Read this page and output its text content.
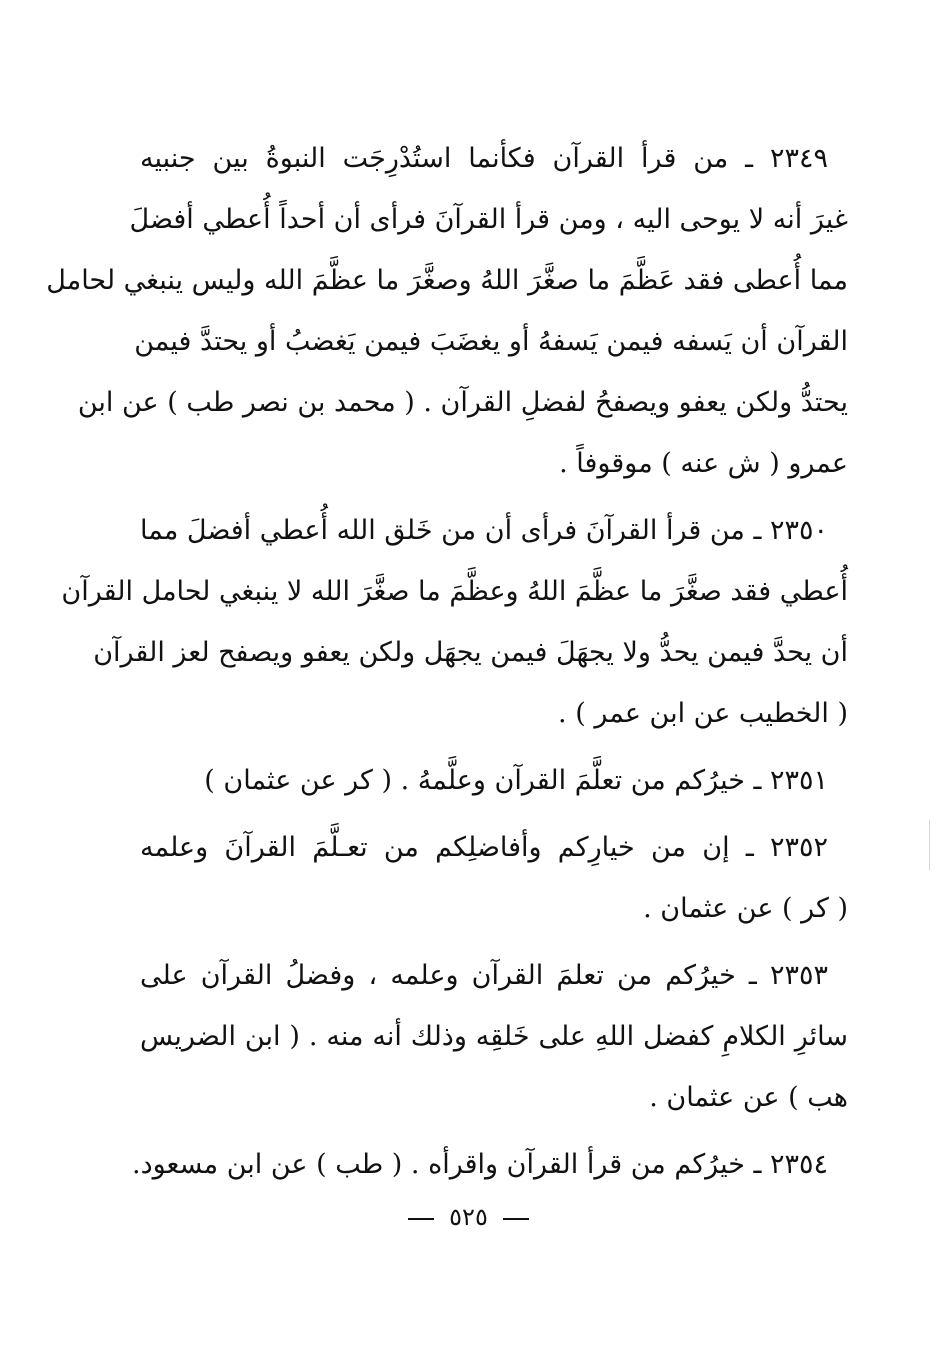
٢٣٤٩ ـ من قرأ القرآن فكأنما استُدْرِجَت النبوةُ بين جنبيه
غيرَ أنه لا يوحى اليه ، ومن قرأ القرآنَ فرأى أن أحداً أُعطي أفضلَ
مما أُعطى فقد عَظَّمَ ما صغَّرَ اللهُ وصغَّرَ ما عظَّمَ الله وليس ينبغي لحامل
القرآن أن يَسفه فيمن يَسفهُ أو يغضَبَ فيمن يَغضبُ أو يحتدَّ فيمن
يحتدُّ ولكن يعفو ويصفحُ لفضلِ القرآن . ( محمد بن نصر طب ) عن ابن
عمرو ( ش عنه ) موقوفاً .

٢٣٥٠ ـ من قرأ القرآنَ فرأى أن من خَلق الله أُعطي أفضلَ مما
أُعطي فقد صغَّرَ ما عظَّمَ اللهُ وعظَّمَ ما صغَّرَ الله لا ينبغي لحامل القرآن
أن يحدَّ فيمن يحدُّ ولا يجهَلَ فيمن يجهَل ولكن يعفو ويصفح لعز القرآن
( الخطيب عن ابن عمر ) .

٢٣٥١ ـ خيرُكم من تعلَّمَ القرآن وعلَّمهُ . ( كر عن عثمان )

٢٣٥٢ ـ إن من خيارِكم وأفاضلِكم من تعـلَّمَ القرآنَ وعلمه
( كر ) عن عثمان .

٢٣٥٣ ـ خيرُكم من تعلمَ القرآن وعلمه ، وفضلُ القرآن على
سائرِ الكلامِ كفضل اللهِ على خَلقِه وذلك أنه منه . ( ابن الضريس
هب ) عن عثمان .

٢٣٥٤ ـ خيرُكم من قرأ القرآن واقرأه . ( طب ) عن ابن مسعود.

٥٢٥
